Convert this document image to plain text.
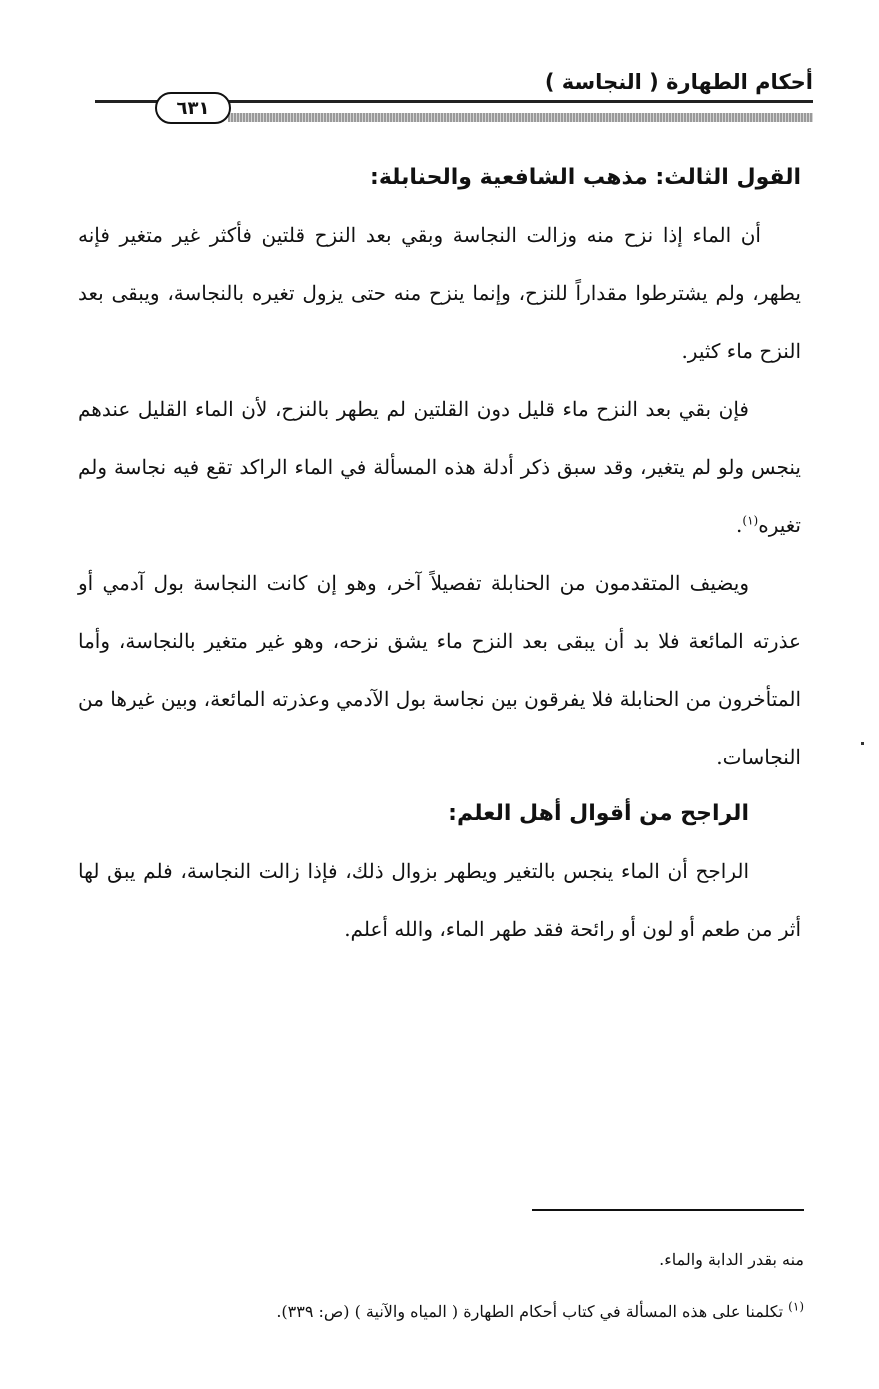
أحكام الطهارة ( النجاسة )
٦٣١

القول الثالث: مذهب الشافعية والحنابلة:

أن الماء إذا نزح منه وزالت النجاسة وبقي بعد النزح قلتين فأكثر غير متغير فإنه يطهر، ولم يشترطوا مقداراً للنزح، وإنما ينزح منه حتى يزول تغيره بالنجاسة، ويبقى بعد النزح ماء كثير.

فإن بقي بعد النزح ماء قليل دون القلتين لم يطهر بالنزح، لأن الماء القليل عندهم ينجس ولو لم يتغير، وقد سبق ذكر أدلة هذه المسألة في الماء الراكد تقع فيه نجاسة ولم تغيره$^{(١)}$.

ويضيف المتقدمون من الحنابلة تفصيلاً آخر، وهو إن كانت النجاسة بول آدمي أو عذرته المائعة فلا بد أن يبقى بعد النزح ماء يشق نزحه، وهو غير متغير بالنجاسة، وأما المتأخرون من الحنابلة فلا يفرقون بين نجاسة بول الآدمي وعذرته المائعة، وبين غيرها من النجاسات.

الراجح من أقوال أهل العلم:

الراجح أن الماء ينجس بالتغير ويطهر بزوال ذلك، فإذا زالت النجاسة، فلم يبق لها أثر من طعم أو لون أو رائحة فقد طهر الماء، والله أعلم.

منه بقدر الدابة والماء.

$^{(١)}$ تكلمنا على هذه المسألة في كتاب أحكام الطهارة ( المياه والآنية ) (ص: ٣٣٩).
